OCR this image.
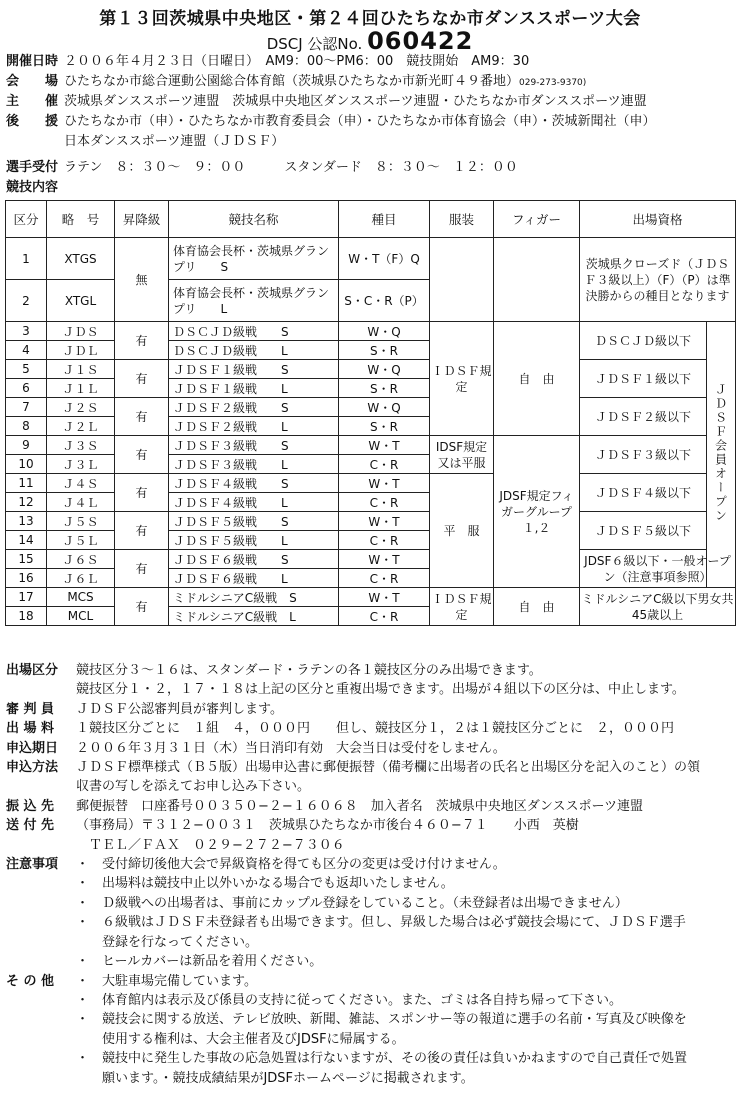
第１３回茨城県中央地区・第２４回ひたちなか市ダンススポーツ大会
DSCJ 公認No. 060422
開催日時 ２００６年４月２３日（日曜日）　AM9：00〜PM6：00　競技開始　AM9：30
会　　場 ひたちなか市総合運動公園総合体育館（茨城県ひたちなか市新光町４９番地）029-273-9370)
主　　催 茨城県ダンススポーツ連盟　茨城県中央地区ダンススポーツ連盟・ひたちなか市ダンススポーツ連盟
後　　援 ひたちなか市（申）・ひたちなか市教育委員会（申）・ひたちなか市体育協会（申）・茨城新聞社（申）
日本ダンススポーツ連盟（ＪＤＳＦ）
選手受付 ラテン　８：３０〜　９：００　　　スタンダード　８：３０〜　１２：００
競技内容
区分	略　号	昇降級	競技名称	種目	服装	フィガー	出場資格	
1	XTGS	無	体育協会長杯・茨城県グランプリ　　S	W・T（F）Q			茨城県クローズド（ＪＤＳＦ３級以上）（F）（P）は準決勝からの種目となります	
2	XTGL		体育協会長杯・茨城県グランプリ　　L	S・C・R（P）				
3	ＪＤＳ	有	ＤＳＣＪＤ級戦　　S	W・Q	ＩＤＳＦ規定	自　由	ＤＳＣＪＤ級以下	ＪＤＳＦ会員オープン
4	ＪＤＬ		ＤＳＣＪＤ級戦　　L	S・R				
5	Ｊ１Ｓ	有	ＪＤＳＦ１級戦　　S	W・Q			ＪＤＳＦ１級以下	
6	Ｊ１Ｌ		ＪＤＳＦ１級戦　　L	S・R				
7	Ｊ２Ｓ	有	ＪＤＳＦ２級戦　　S	W・Q			ＪＤＳＦ２級以下	
8	Ｊ２Ｌ		ＪＤＳＦ２級戦　　L	S・R				
9	Ｊ３Ｓ	有	ＪＤＳＦ３級戦　　S	W・T	IDSF規定又は平服	JDSF規定フィガーグループ１,２	ＪＤＳＦ３級以下	
10	Ｊ３Ｌ		ＪＤＳＦ３級戦　　L	C・R				
11	Ｊ４Ｓ	有	ＪＤＳＦ４級戦　　S	W・T	平　服		ＪＤＳＦ４級以下	
12	Ｊ４Ｌ		ＪＤＳＦ４級戦　　L	C・R				
13	Ｊ５Ｓ	有	ＪＤＳＦ５級戦　　S	W・T			ＪＤＳＦ５級以下	
14	Ｊ５Ｌ		ＪＤＳＦ５級戦　　L	C・R				
15	Ｊ６Ｓ	有	ＪＤＳＦ６級戦　　S	W・T			JDSF６級以下・一般オープン（注意事項参照）	
16	Ｊ６Ｌ		ＪＤＳＦ６級戦　　L	C・R				
17	MCS	有	ミドルシニアC級戦　S	W・T	ＩＤＳＦ規定	自　由	ミドルシニアC級以下男女共45歳以上	
18	MCL		ミドルシニアC級戦　L	C・R				
出場区分 競技区分３〜１６は、スタンダード・ラテンの各１競技区分のみ出場できます。
競技区分１・２，１７・１８は上記の区分と重複出場できます。出場が４組以下の区分は、中止します。
審 判 員 ＪＤＳＦ公認審判員が審判します。
出 場 料 １競技区分ごとに　１組　４，０００円　　但し、競技区分１，２は１競技区分ごとに　２，０００円
申込期日 ２００６年３月３１日（木）当日消印有効　大会当日は受付をしません。
申込方法 ＪＤＳＦ標準様式（Ｂ５版）出場申込書に郵便振替（備考欄に出場者の氏名と出場区分を記入のこと）の領
収書の写しを添えてお申し込み下さい。
振 込 先 郵便振替　口座番号００３５０−２−１６０６８　加入者名　茨城県中央地区ダンススポーツ連盟
送 付 先 （事務局）〒３１２−００３１　茨城県ひたちなか市後台４６０−７１　　小西　英樹
　ＴＥＬ／ＦＡＸ　０２９−２７２−７３０６
注意事項 ・　受付締切後他大会で昇級資格を得ても区分の変更は受け付けません。
・　出場料は競技中止以外いかなる場合でも返却いたしません。
・　Ｄ級戦への出場者は、事前にカップル登録をしていること。（未登録者は出場できません）
・　６級戦はＪＤＳＦ未登録者も出場できます。但し、昇級した場合は必ず競技会場にて、ＪＤＳＦ選手
　　登録を行なってください。
・　ヒールカバーは新品を着用ください。
そ の 他 ・　大駐車場完備しています。
・　体育館内は表示及び係員の支持に従ってください。また、ゴミは各自持ち帰って下さい。
・　競技会に関する放送、テレビ放映、新聞、雑誌、スポンサー等の報道に選手の名前・写真及び映像を
　　使用する権利は、大会主催者及びJDSFに帰属する。
・　競技中に発生した事故の応急処置は行ないますが、その後の責任は負いかねますので自己責任で処置
　　願います。・競技成績結果がJDSFホームページに掲載されます。
